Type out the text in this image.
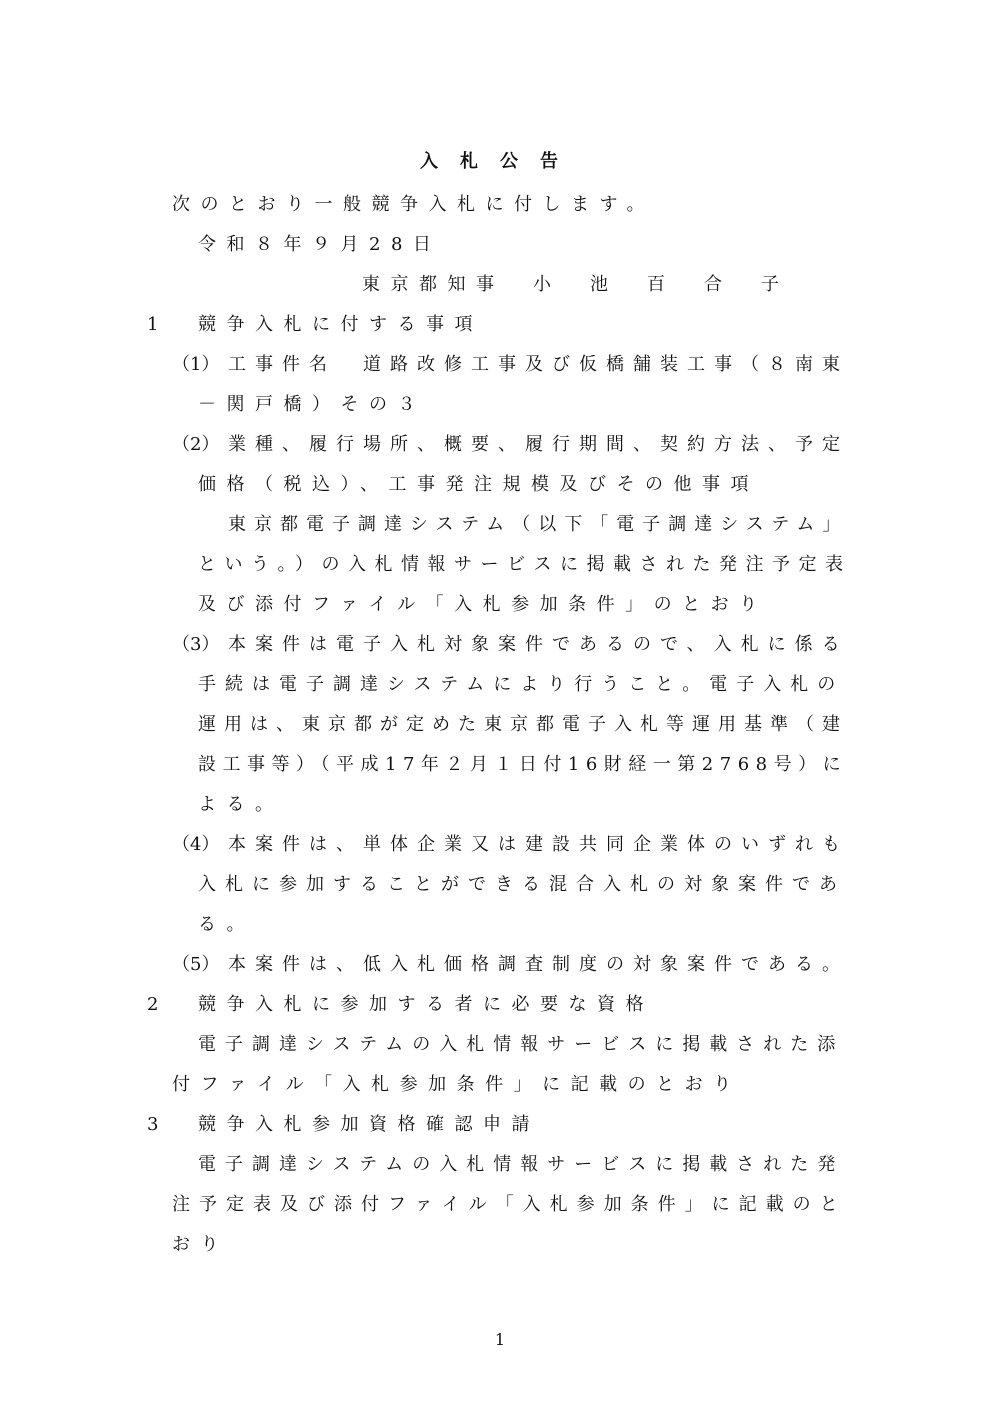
入札公告
次のとおり一般競争入札に付します。
令和８年９月28日
東京都知事　小　池　百　合　子
1 競争入札に付する事項
（1） 工事件名　道路改修工事及び仮橋舗装工事（８南東
－関戸橋）その３
（2） 業種、履行場所、概要、履行期間、契約方法、予定
価格（税込）、工事発注規模及びその他事項
東京都電子調達システム（以下「電子調達システム」
という。）の入札情報サービスに掲載された発注予定表
及び添付ファイル「入札参加条件」のとおり
（3） 本案件は電子入札対象案件であるので、入札に係る
手続は電子調達システムにより行うこと。電子入札の
運用は、東京都が定めた東京都電子入札等運用基準（建
設工事等）（平成17年２月１日付16財経一第2768号）に
よる。
（4） 本案件は、単体企業又は建設共同企業体のいずれも
入札に参加することができる混合入札の対象案件であ
る。
（5） 本案件は、低入札価格調査制度の対象案件である。
2 競争入札に参加する者に必要な資格
電子調達システムの入札情報サービスに掲載された添
付ファイル「入札参加条件」に記載のとおり
3 競争入札参加資格確認申請
電子調達システムの入札情報サービスに掲載された発
注予定表及び添付ファイル「入札参加条件」に記載のと
おり
1
